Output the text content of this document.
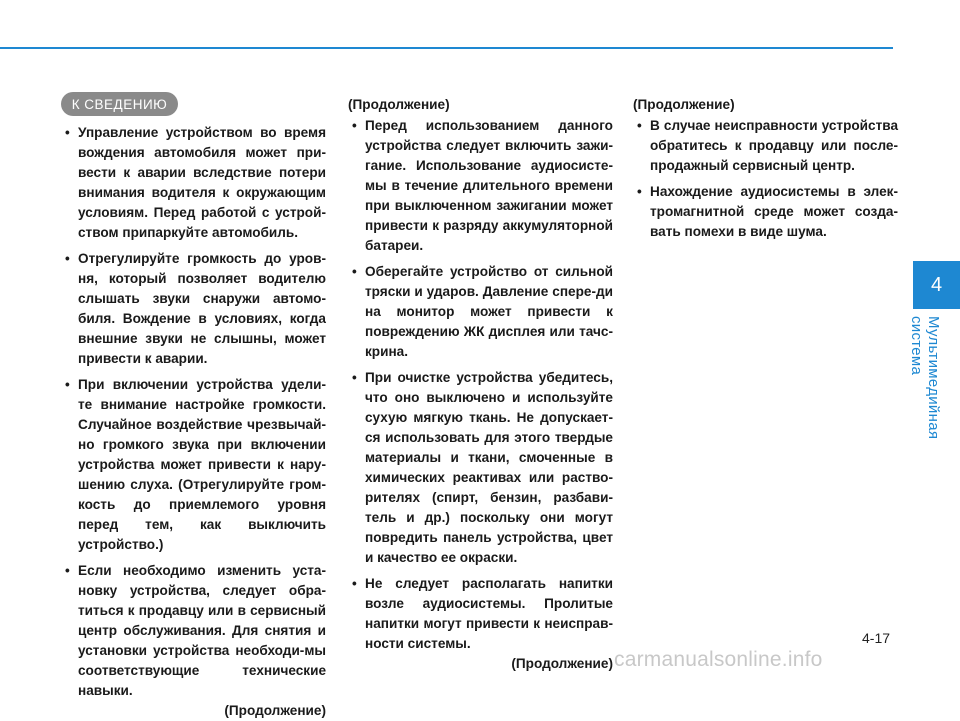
К СВЕДЕНИЮ
4
Мультимедийная система
• Управление устройством во время вождения автомобиля может при-вести к аварии вследствие потери внимания водителя к окружающим условиям. Перед работой с устрой-ством припаркуйте автомобиль.
• Отрегулируйте громкость до уров-ня, который позволяет водителю слышать звуки снаружи автомо-биля. Вождение в условиях, когда внешние звуки не слышны, может привести к аварии.
• При включении устройства удели-те внимание настройке громкости. Случайное воздействие чрезвычай-но громкого звука при включении устройства может привести к нару-шению слуха. (Отрегулируйте гром-кость до приемлемого уровня перед тем, как выключить устройство.)
• Если необходимо изменить уста-новку устройства, следует обра-титься к продавцу или в сервисный центр обслуживания. Для снятия и установки устройства необходи-мы соответствующие технические навыки.
(Продолжение)
(Продолжение)
• Перед использованием данного устройства следует включить зажи-гание. Использование аудиосисте-мы в течение длительного времени при выключенном зажигании может привести к разряду аккумуляторной батареи.
• Оберегайте устройство от сильной тряски и ударов. Давление спере-ди на монитор может привести к повреждению ЖК дисплея или тачс-крина.
• При очистке устройства убедитесь, что оно выключено и используйте сухую мягкую ткань. Не допускает-ся использовать для этого твердые материалы и ткани, смоченные в химических реактивах или раство-рителях (спирт, бензин, разбави-тель и др.) поскольку они могут повредить панель устройства, цвет и качество ее окраски.
• Не следует располагать напитки возле аудиосистемы. Пролитые напитки могут привести к неисправ-ности системы.
(Продолжение)
(Продолжение)
• В случае неисправности устройства обратитесь к продавцу или после-продажный сервисный центр.
• Нахождение аудиосистемы в элек-тромагнитной среде может созда-вать помехи в виде шума.
4-17
carmanualsonline.info
